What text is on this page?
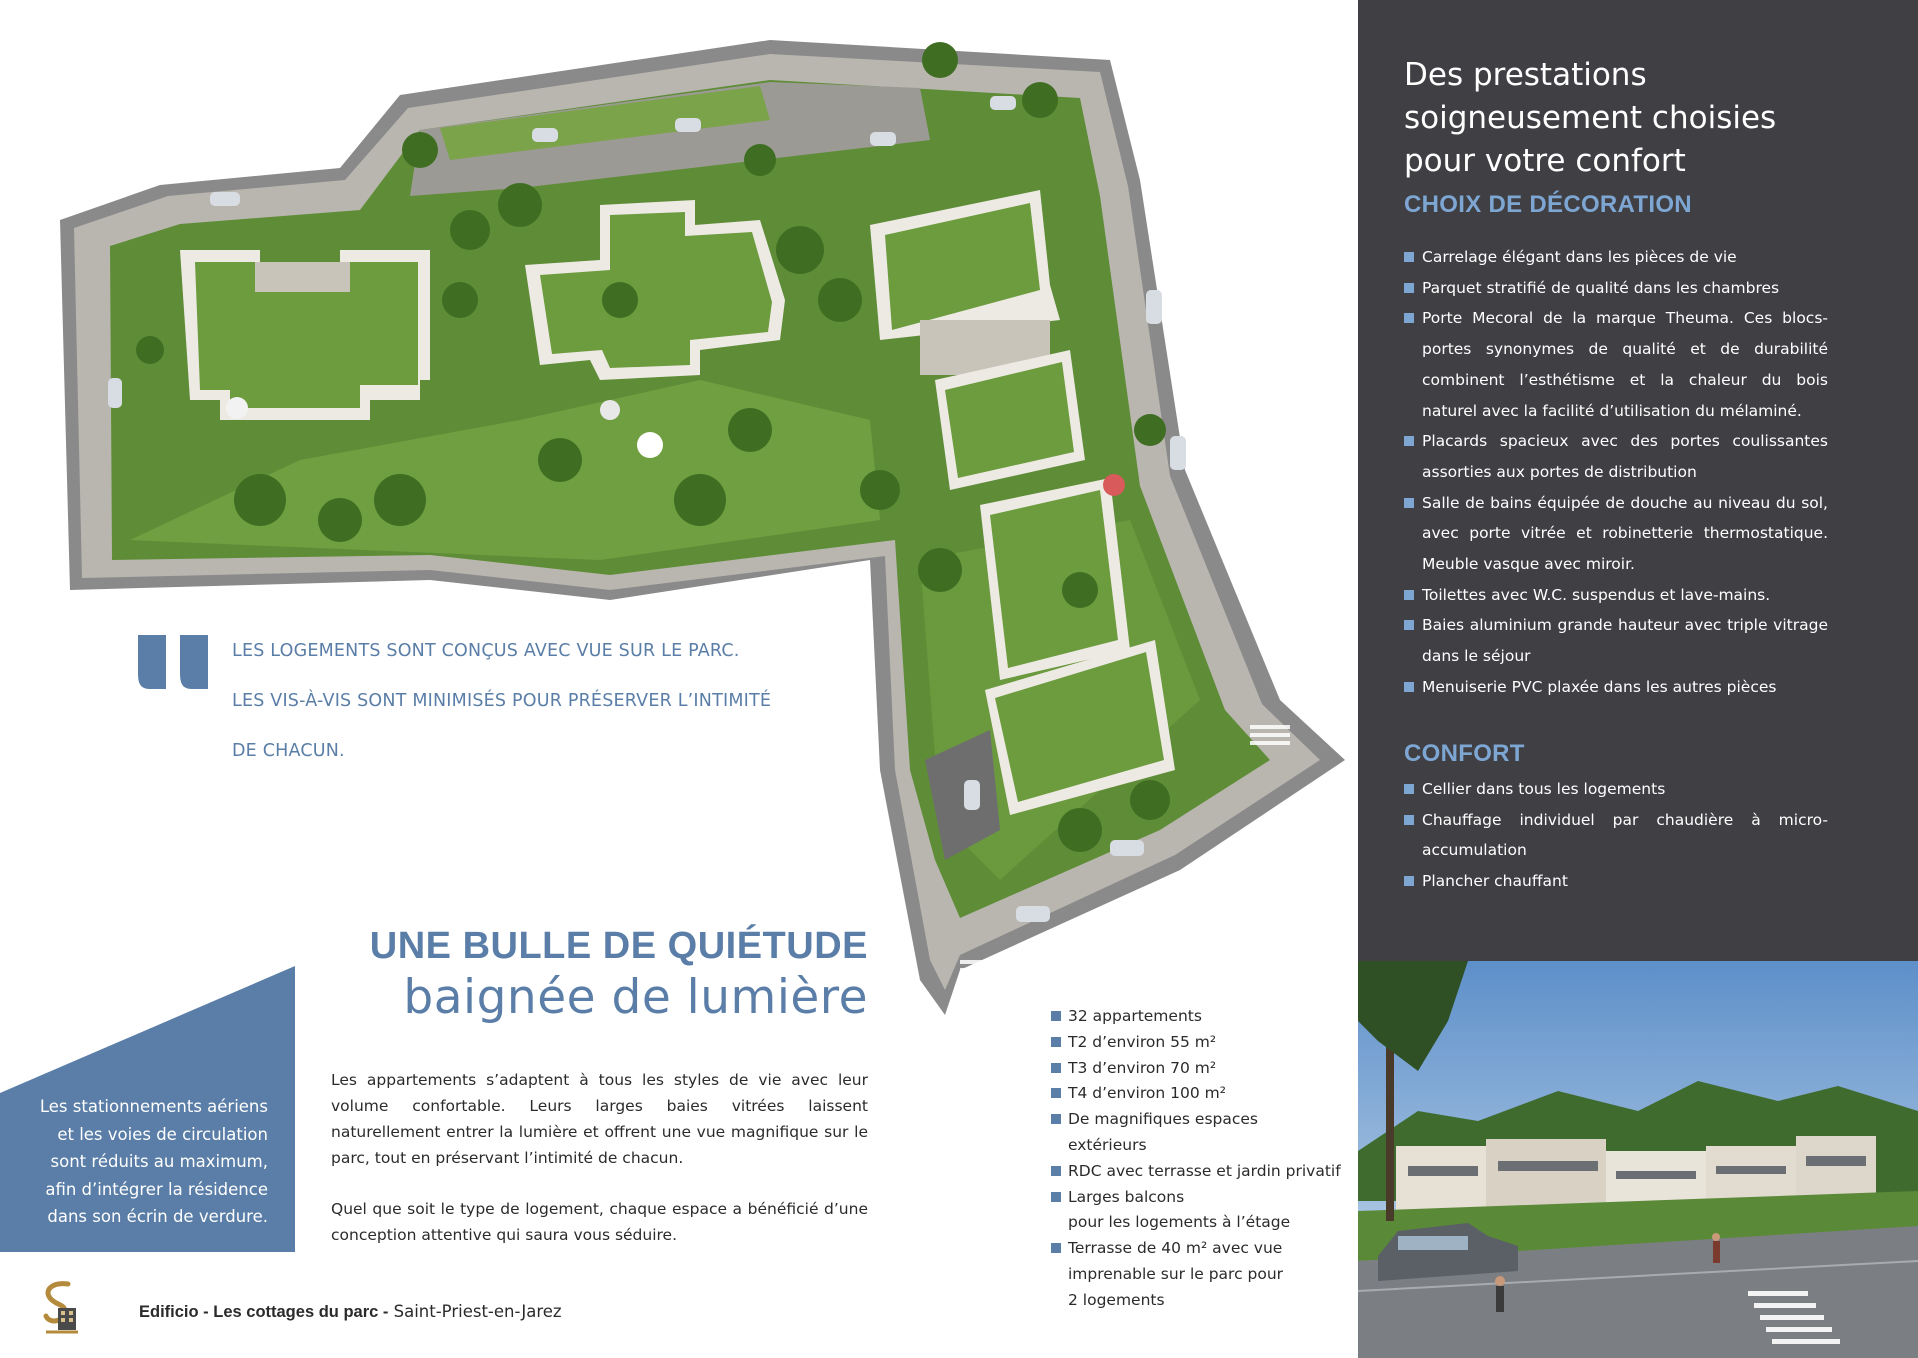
LES LOGEMENTS SONT CONÇUS AVEC VUE SUR LE PARC.
LES VIS-À-VIS SONT MINIMISÉS POUR PRÉSERVER L’INTIMITÉ
DE CHACUN.
UNE BULLE DE QUIÉTUDE
baignée de lumière

Les appartements s’adaptent à tous les styles de vie avec leur volume confortable. Leurs larges baies vitrées laissent naturellement entrer la lumière et offrent une vue magnifique sur le parc, tout en préservant l’intimité de chacun.

Quel que soit le type de logement, chaque espace a bénéficié d’une conception attentive qui saura vous séduire.

Les stationnements aériens
et les voies de circulation
sont réduits au maximum,
afin d’intégrer la résidence
dans son écrin de verdure.
32 appartements
T2 d’environ 55 m²
T3 d’environ 70 m²
T4 d’environ 100 m²
De magnifiques espaces
extérieurs
RDC avec terrasse et jardin privatif
Larges balcons
pour les logements à l’étage
Terrasse de 40 m² avec vue
imprenable sur le parc pour
2 logements
Edificio - Les cottages du parc - Saint-Priest-en-Jarez
Des prestations
soigneusement choisies
pour votre confort
CHOIX DE DÉCORATION
Carrelage élégant dans les pièces de vie
Parquet stratifié de qualité dans les chambres
Porte Mecoral de la marque Theuma. Ces blocs-portes synonymes de qualité et de durabilité combinent l’esthétisme et la chaleur du bois naturel avec la facilité d’utilisation du mélaminé.
Placards spacieux avec des portes coulissantes assorties aux portes de distribution
Salle de bains équipée de douche au niveau du sol, avec porte vitrée et robinetterie thermostatique. Meuble vasque avec miroir.
Toilettes avec W.C. suspendus et lave-mains.
Baies aluminium grande hauteur avec triple vitrage dans le séjour
Menuiserie PVC plaxée dans les autres pièces
CONFORT
Cellier dans tous les logements
Chauffage individuel par chaudière à micro-accumulation
Plancher chauffant
